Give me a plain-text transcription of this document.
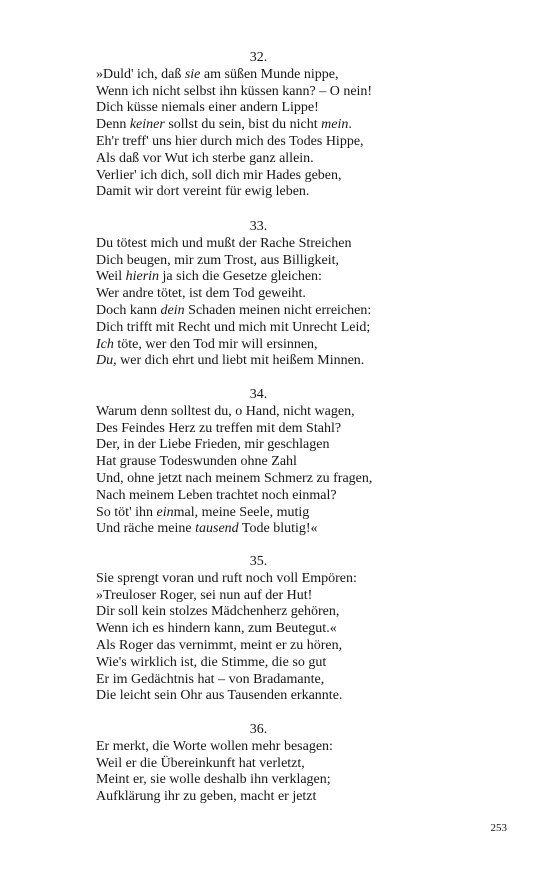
32.
»Duld' ich, daß sie am süßen Munde nippe,
Wenn ich nicht selbst ihn küssen kann? – O nein!
Dich küsse niemals einer andern Lippe!
Denn keiner sollst du sein, bist du nicht mein.
Eh'r treff' uns hier durch mich des Todes Hippe,
Als daß vor Wut ich sterbe ganz allein.
Verlier' ich dich, soll dich mir Hades geben,
Damit wir dort vereint für ewig leben.
33.
Du tötest mich und mußt der Rache Streichen
Dich beugen, mir zum Trost, aus Billigkeit,
Weil hierin ja sich die Gesetze gleichen:
Wer andre tötet, ist dem Tod geweiht.
Doch kann dein Schaden meinen nicht erreichen:
Dich trifft mit Recht und mich mit Unrecht Leid;
Ich töte, wer den Tod mir will ersinnen,
Du, wer dich ehrt und liebt mit heißem Minnen.
34.
Warum denn solltest du, o Hand, nicht wagen,
Des Feindes Herz zu treffen mit dem Stahl?
Der, in der Liebe Frieden, mir geschlagen
Hat grause Todeswunden ohne Zahl
Und, ohne jetzt nach meinem Schmerz zu fragen,
Nach meinem Leben trachtet noch einmal?
So töt' ihn einmal, meine Seele, mutig
Und räche meine tausend Tode blutig!«
35.
Sie sprengt voran und ruft noch voll Empören:
»Treuloser Roger, sei nun auf der Hut!
Dir soll kein stolzes Mädchenherz gehören,
Wenn ich es hindern kann, zum Beutegut.«
Als Roger das vernimmt, meint er zu hören,
Wie's wirklich ist, die Stimme, die so gut
Er im Gedächtnis hat – von Bradamante,
Die leicht sein Ohr aus Tausenden erkannte.
36.
Er merkt, die Worte wollen mehr besagen:
Weil er die Übereinkunft hat verletzt,
Meint er, sie wolle deshalb ihn verklagen;
Aufklärung ihr zu geben, macht er jetzt
253
